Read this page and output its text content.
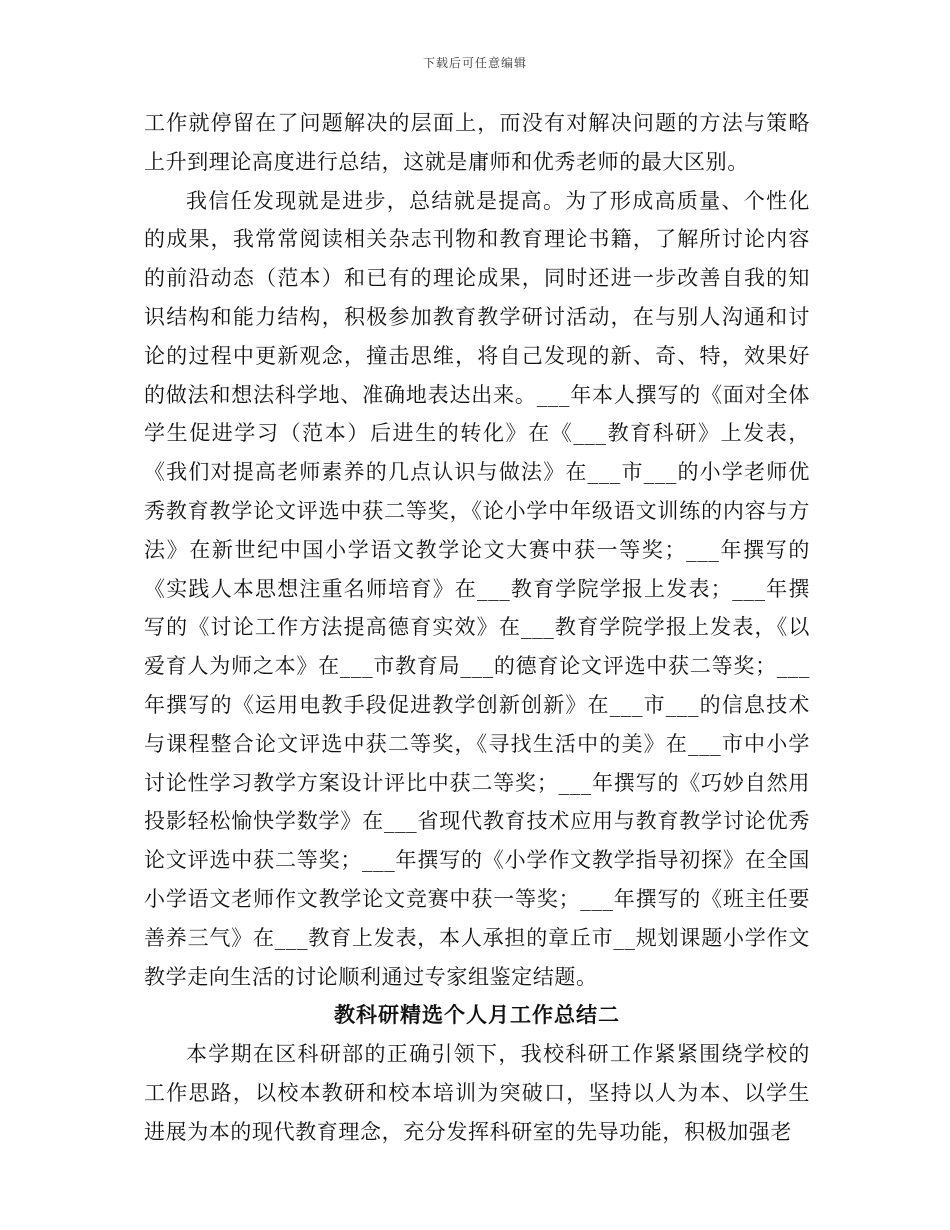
下载后可任意编辑

工作就停留在了问题解决的层面上，而没有对解决问题的方法与策略上升到理论高度进行总结，这就是庸师和优秀老师的最大区别。

我信任发现就是进步，总结就是提高。为了形成高质量、个性化的成果，我常常阅读相关杂志刊物和教育理论书籍，了解所讨论内容的前沿动态（范本）和已有的理论成果，同时还进一步改善自我的知识结构和能力结构，积极参加教育教学研讨活动，在与别人沟通和讨论的过程中更新观念，撞击思维，将自己发现的新、奇、特，效果好的做法和想法科学地、准确地表达出来。___年本人撰写的《面对全体学生促进学习（范本）后进生的转化》在《___教育科研》上发表，《我们对提高老师素养的几点认识与做法》在___市___的小学老师优秀教育教学论文评选中获二等奖，《论小学中年级语文训练的内容与方法》在新世纪中国小学语文教学论文大赛中获一等奖；___年撰写的《实践人本思想注重名师培育》在___教育学院学报上发表；___年撰写的《讨论工作方法提高德育实效》在___教育学院学报上发表，《以爱育人为师之本》在___市教育局___的德育论文评选中获二等奖；___年撰写的《运用电教手段促进教学创新创新》在___市___的信息技术与课程整合论文评选中获二等奖，《寻找生活中的美》在___市中小学讨论性学习教学方案设计评比中获二等奖；___年撰写的《巧妙自然用投影轻松愉快学数学》在___省现代教育技术应用与教育教学讨论优秀论文评选中获二等奖；___年撰写的《小学作文教学指导初探》在全国小学语文老师作文教学论文竞赛中获一等奖；___年撰写的《班主任要善养三气》在___教育上发表，本人承担的章丘市__规划课题小学作文教学走向生活的讨论顺利通过专家组鉴定结题。

教科研精选个人月工作总结二

本学期在区科研部的正确引领下，我校科研工作紧紧围绕学校的工作思路，以校本教研和校本培训为突破口，坚持以人为本、以学生进展为本的现代教育理念，充分发挥科研室的先导功能，积极加强老
